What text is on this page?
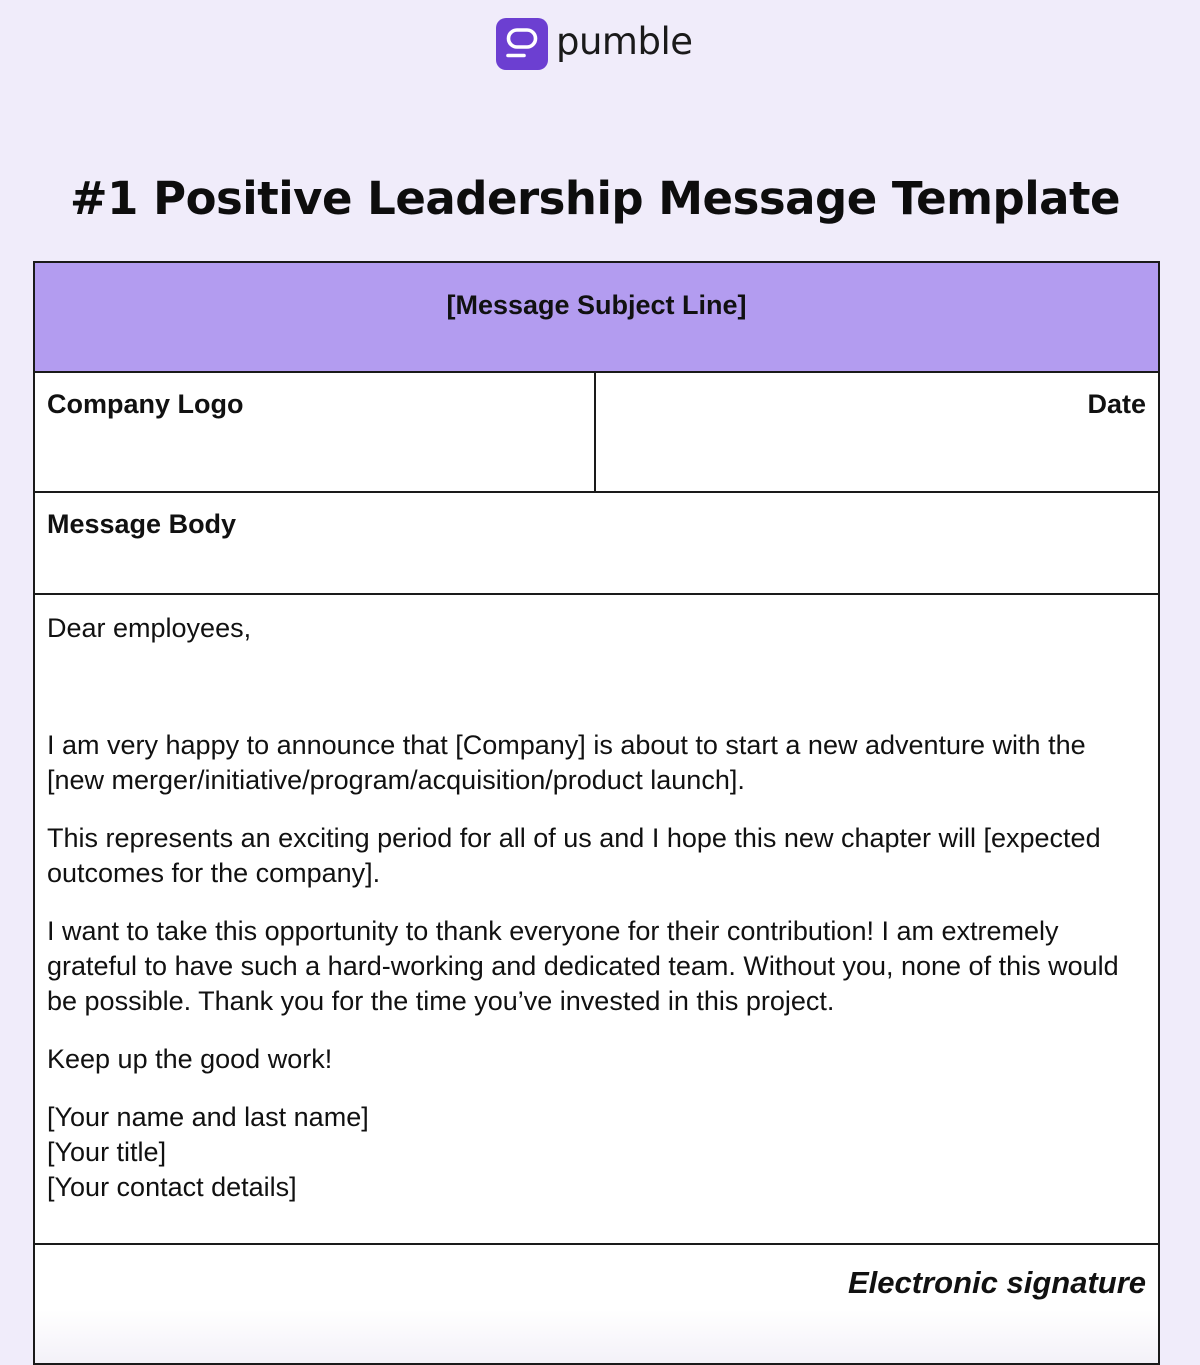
pumble
#1 Positive Leadership Message Template
[Message Subject Line]
Company Logo	Date
Message Body

Dear employees,

I am very happy to announce that [Company] is about to start a new adventure with the [new merger/initiative/program/acquisition/product launch].

This represents an exciting period for all of us and I hope this new chapter will [expected outcomes for the company].

I want to take this opportunity to thank everyone for their contribution! I am extremely grateful to have such a hard-working and dedicated team. Without you, none of this would be possible. Thank you for the time you’ve invested in this project.

Keep up the good work!

[Your name and last name]
[Your title]
[Your contact details]

Electronic signature
